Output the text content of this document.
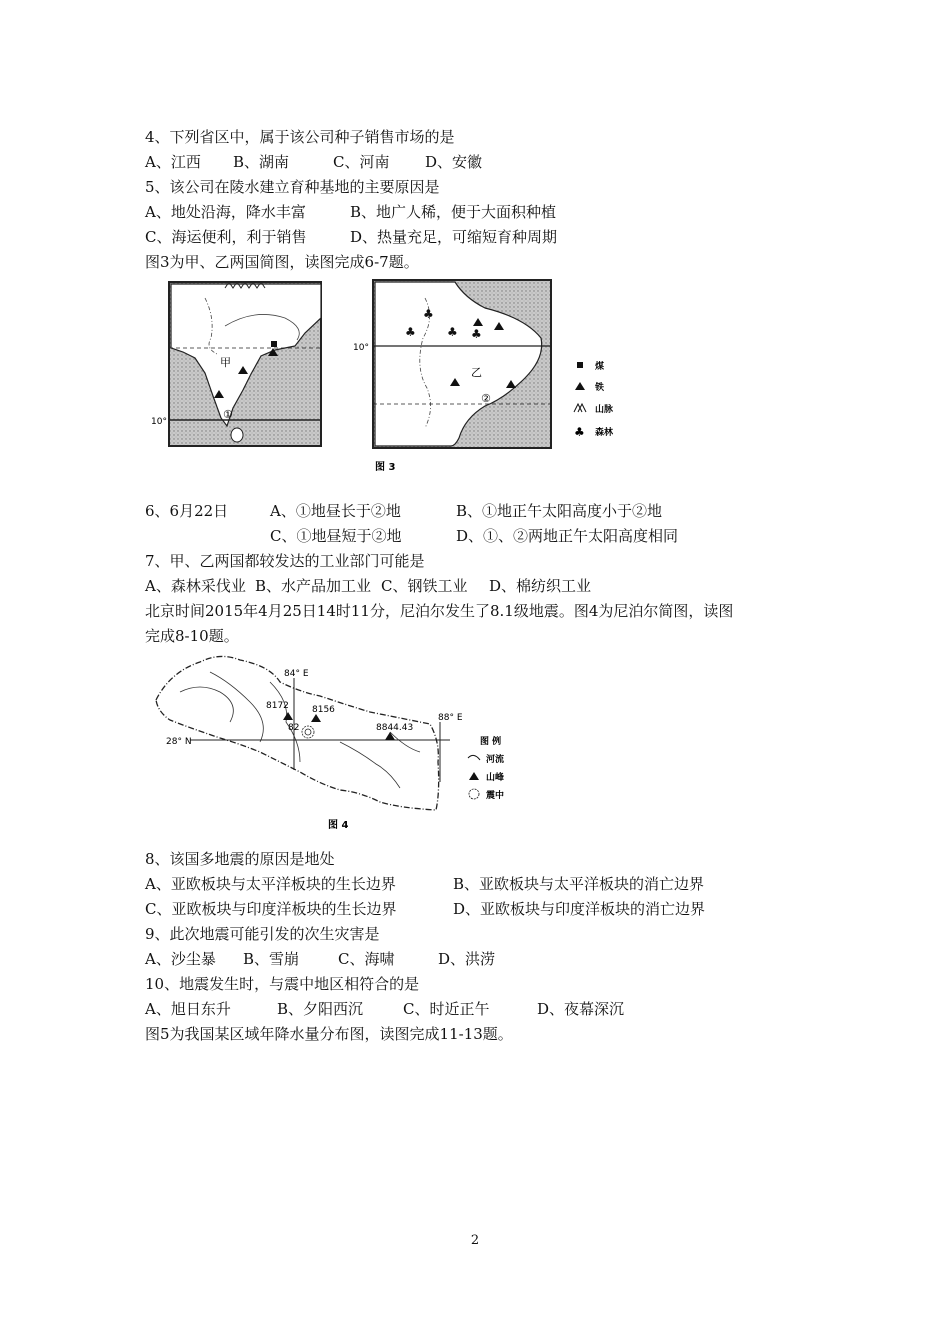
4、下列省区中，属于该公司种子销售市场的是
A、江西 B、湖南	C、河南 D、安徽
5、该公司在陵水建立育种基地的主要原因是
A、地处沿海，降水丰富	B、地广人稀，便于大面积种植
C、海运便利，利于销售	D、热量充足，可缩短育种周期
图3为甲、乙两国简图，读图完成6-7题。
甲
①
10°
♣
♣	♣ ♣
乙
②
10°
煤
铁
山脉
♣ 森林
图 3
6、6月22日	A、①地昼长于②地	B、①地正午太阳高度小于②地
C、①地昼短于②地	D、①、②两地正午太阳高度相同
7、甲、乙两国都较发达的工业部门可能是
A、森林采伐业 B、水产品加工业 C、钢铁工业 D、棉纺织工业
北京时间2015年4月25日14时11分，尼泊尔发生了8.1级地震。图4为尼泊尔简图，读图
完成8-10题。
84° E
88° E
28° N
8172	8156
8844.43
82
图 例
河流
山峰
震中
图 4
8、该国多地震的原因是地处
A、亚欧板块与太平洋板块的生长边界	B、亚欧板块与太平洋板块的消亡边界
C、亚欧板块与印度洋板块的生长边界	D、亚欧板块与印度洋板块的消亡边界
9、此次地震可能引发的次生灾害是
A、沙尘暴 B、雪崩	C、海啸	D、洪涝
10、地震发生时，与震中地区相符合的是
A、旭日东升	B、夕阳西沉	C、时近正午	D、夜幕深沉
图5为我国某区域年降水量分布图，读图完成11-13题。
2
